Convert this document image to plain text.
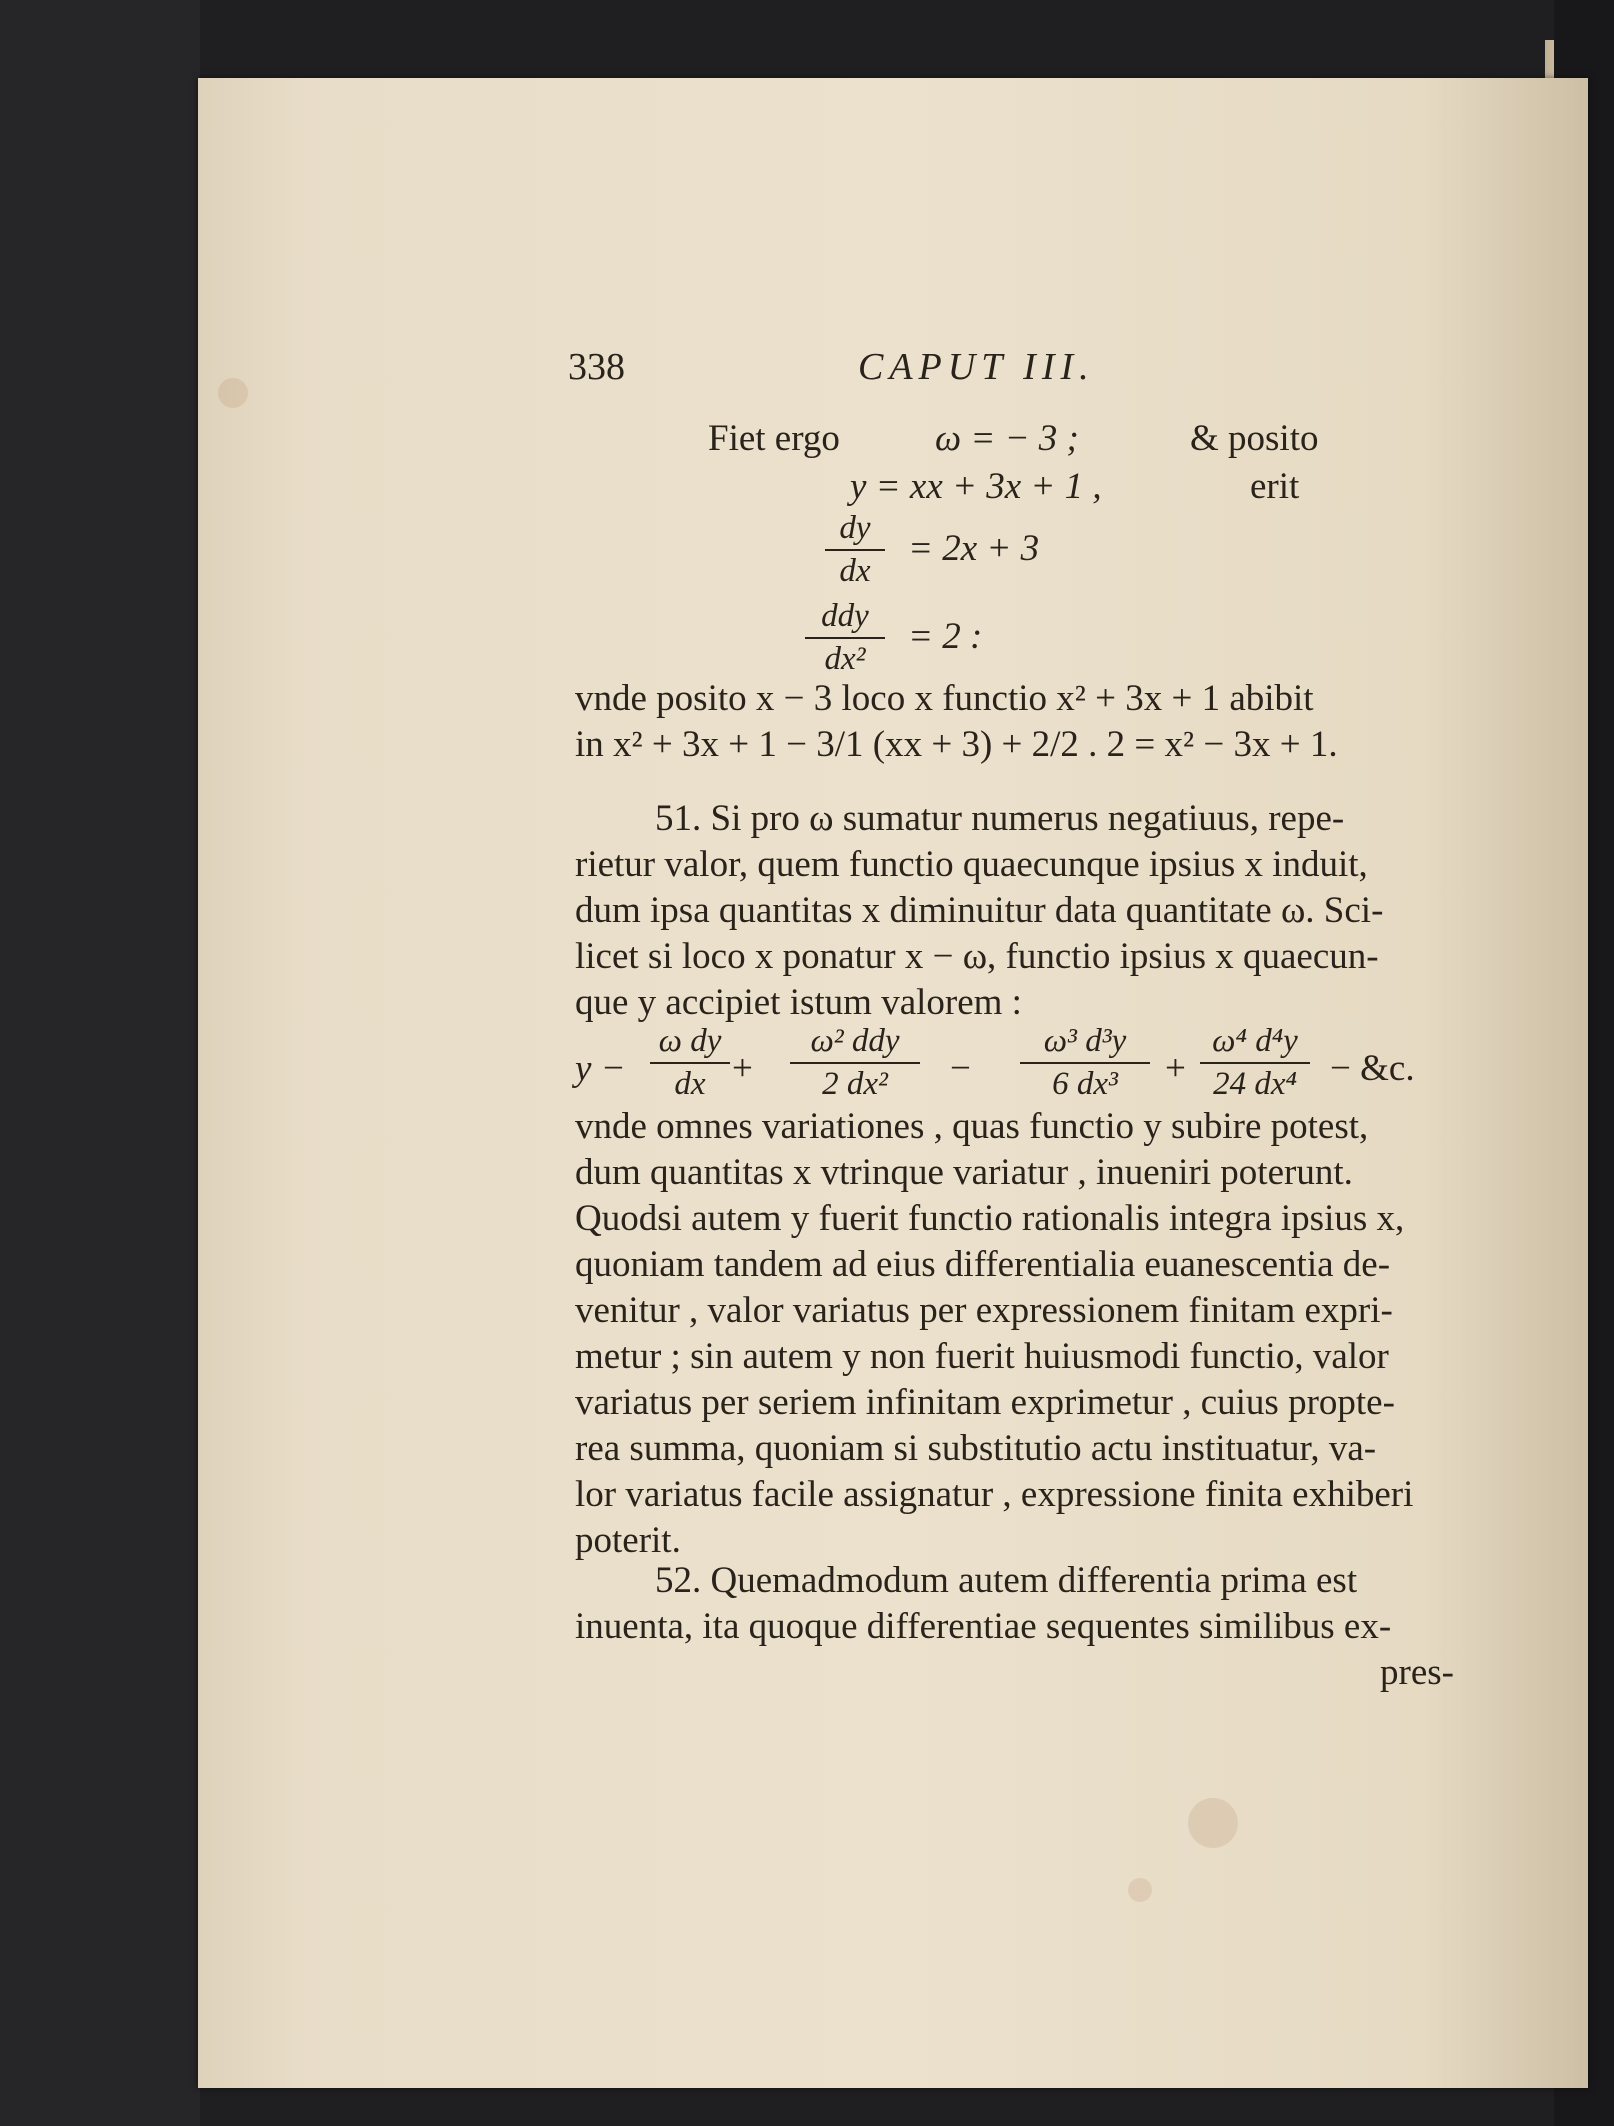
338	CAPUT III.
Fiet ergo	ω = − 3 ;	& posito
y = xx + 3x + 1 ,	erit
dy
dx
= 2x + 3
ddy
dx²
= 2 :
vnde posito x − 3 loco x functio x² + 3x + 1 abibit
in x² + 3x + 1 − 3/1 (xx + 3) + 2/2 . 2 = x² − 3x + 1.
51. Si pro ω sumatur numerus negatiuus, repe-
rietur valor, quem functio quaecunque ipsius x induit,
dum ipsa quantitas x diminuitur data quantitate ω. Sci-
licet si loco x ponatur x − ω, functio ipsius x quaecun-
que y accipiet istum valorem :
y −
ω dy
dx +
ω² ddy
2 dx²	−
ω³ d³y
6 dx³	+
ω⁴ d⁴y
24 dx⁴ − &c.
vnde omnes variationes , quas functio y subire potest,
dum quantitas x vtrinque variatur , inueniri poterunt.
Quodsi autem y fuerit functio rationalis integra ipsius x,
quoniam tandem ad eius differentialia euanescentia de-
venitur , valor variatus per expressionem finitam expri-
metur ; sin autem y non fuerit huiusmodi functio, valor
variatus per seriem infinitam exprimetur , cuius propte-
rea summa, quoniam si substitutio actu instituatur, va-
lor variatus facile assignatur , expressione finita exhiberi
poterit.
52. Quemadmodum autem differentia prima est
inuenta, ita quoque differentiae sequentes similibus ex-
pres-
